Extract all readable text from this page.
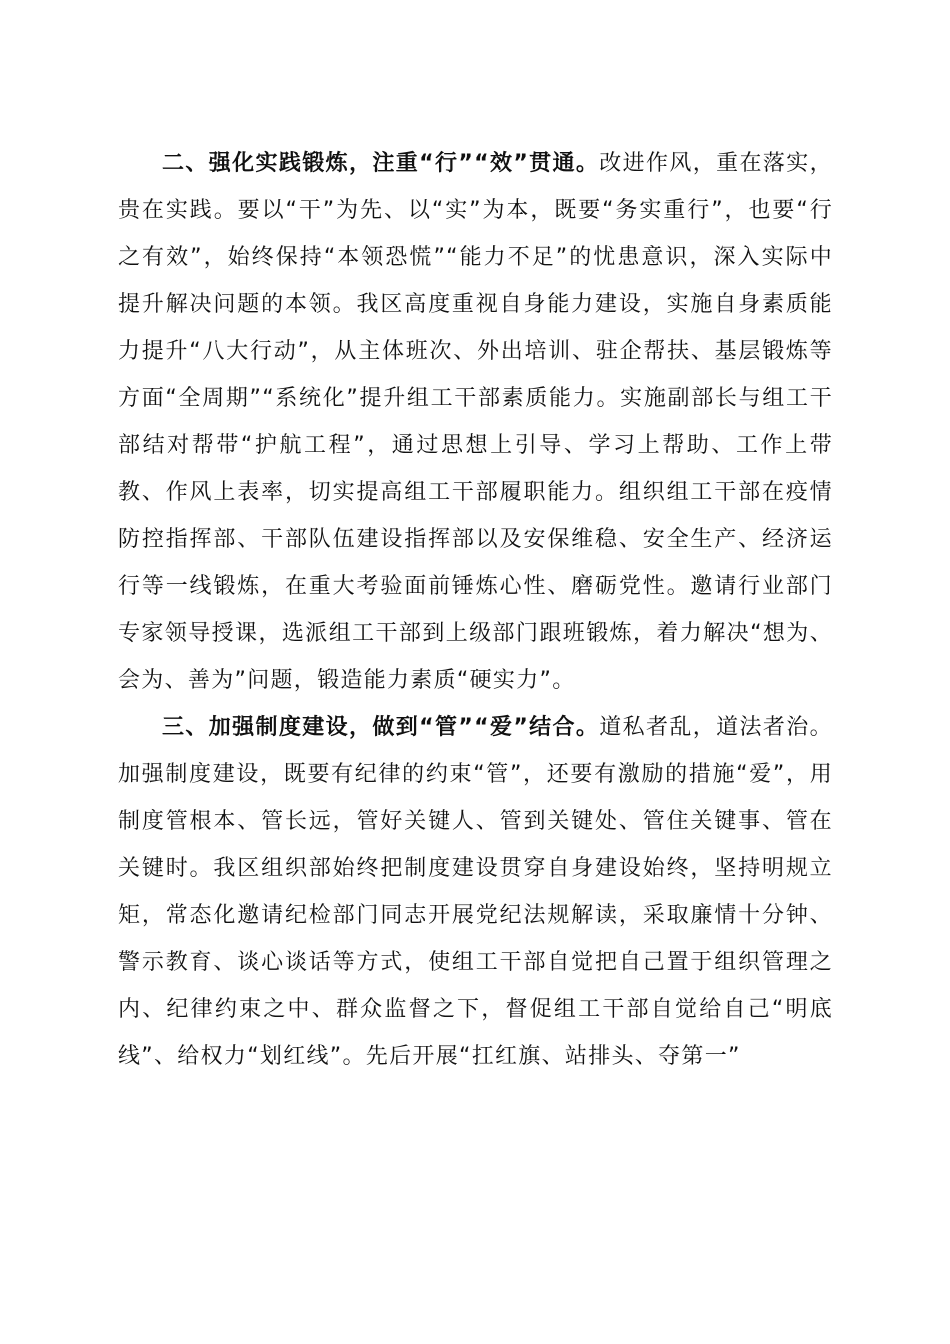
二、强化实践锻炼，注重“行”“效”贯通。改进作风，重在落实，贵在实践。要以“干”为先、以“实”为本，既要“务实重行”，也要“行之有效”，始终保持“本领恐慌”“能力不足”的忧患意识，深入实际中提升解决问题的本领。我区高度重视自身能力建设，实施自身素质能力提升“八大行动”，从主体班次、外出培训、驻企帮扶、基层锻炼等方面“全周期”“系统化”提升组工干部素质能力。实施副部长与组工干部结对帮带“护航工程”，通过思想上引导、学习上帮助、工作上带教、作风上表率，切实提高组工干部履职能力。组织组工干部在疫情防控指挥部、干部队伍建设指挥部以及安保维稳、安全生产、经济运行等一线锻炼，在重大考验面前锤炼心性、磨砺党性。邀请行业部门专家领导授课，选派组工干部到上级部门跟班锻炼，着力解决“想为、会为、善为”问题，锻造能力素质“硬实力”。

三、加强制度建设，做到“管”“爱”结合。道私者乱，道法者治。加强制度建设，既要有纪律的约束“管”，还要有激励的措施“爱”，用制度管根本、管长远，管好关键人、管到关键处、管住关键事、管在关键时。我区组织部始终把制度建设贯穿自身建设始终，坚持明规立矩，常态化邀请纪检部门同志开展党纪法规解读，采取廉情十分钟、警示教育、谈心谈话等方式，使组工干部自觉把自己置于组织管理之内、纪律约束之中、群众监督之下，督促组工干部自觉给自己“明底线”、给权力“划红线”。先后开展“扛红旗、站排头、夺第一”
